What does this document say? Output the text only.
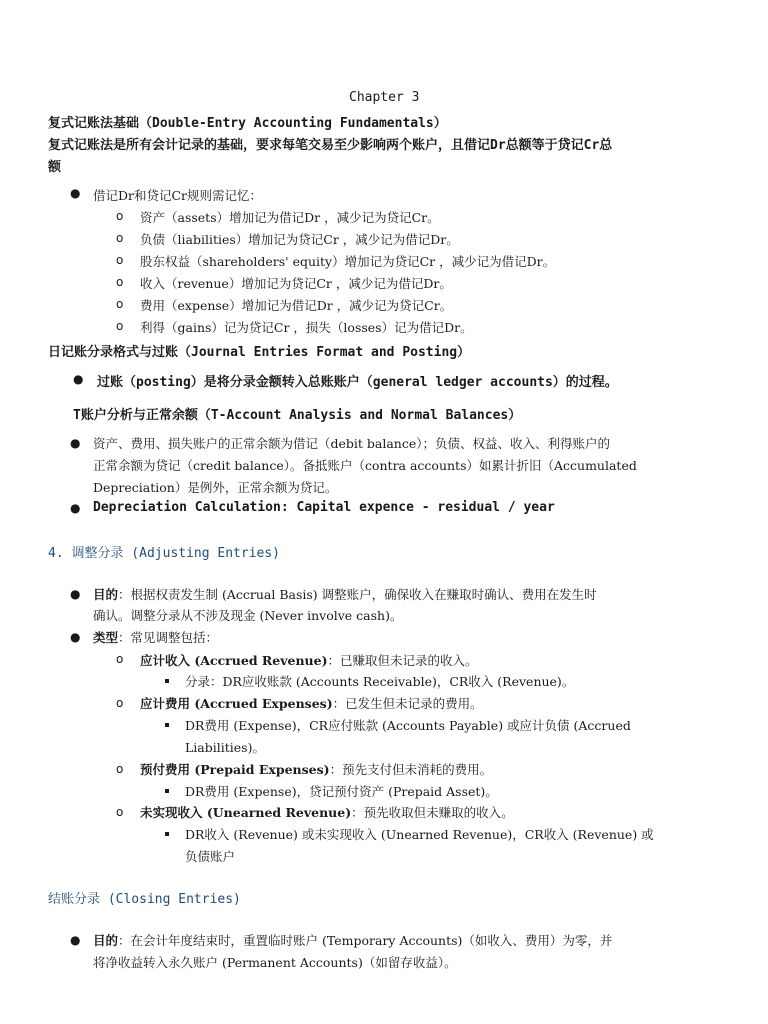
Chapter 3
复式记账法基础（Double-Entry Accounting Fundamentals）
复式记账法是所有会计记录的基础，要求每笔交易至少影响两个账户，且借记Dr总额等于贷记Cr总
额
● 借记Dr和贷记Cr规则需记忆：
o 资产（assets）增加记为借记Dr ，减少记为贷记Cr。
o 负债（liabilities）增加记为贷记Cr ，减少记为借记Dr。
o 股东权益（shareholders' equity）增加记为贷记Cr ，减少记为借记Dr。
o 收入（revenue）增加记为贷记Cr ，减少记为借记Dr。
o 费用（expense）增加记为借记Dr ，减少记为贷记Cr。
o 利得（gains）记为贷记Cr ，损失（losses）记为借记Dr。
日记账分录格式与过账（Journal Entries Format and Posting）
● 过账（posting）是将分录金额转入总账账户（general ledger accounts）的过程。
T账户分析与正常余额（T-Account Analysis and Normal Balances）
● 资产、费用、损失账户的正常余额为借记（debit balance）；负债、权益、收入、利得账户的
正常余额为贷记（credit balance）。备抵账户（contra accounts）如累计折旧（Accumulated
Depreciation）是例外，正常余额为贷记。
● Depreciation Calculation: Capital expence - residual / year
4. 调整分录 (Adjusting Entries)
● 目的：根据权责发生制 (Accrual Basis) 调整账户，确保收入在赚取时确认、费用在发生时
确认。调整分录从不涉及现金 (Never involve cash)。
● 类型：常见调整包括：
o 应计收入 (Accrued Revenue)：已赚取但未记录的收入。
分录：DR应收账款 (Accounts Receivable)，CR收入 (Revenue)。
o 应计费用 (Accrued Expenses)：已发生但未记录的费用。
DR费用 (Expense)，CR应付账款 (Accounts Payable) 或应计负债 (Accrued
Liabilities)。
o 预付费用 (Prepaid Expenses)：预先支付但未消耗的费用。
DR费用 (Expense)，贷记预付资产 (Prepaid Asset)。
o 未实现收入 (Unearned Revenue)：预先收取但未赚取的收入。
DR收入 (Revenue) 或未实现收入 (Unearned Revenue)，CR收入 (Revenue) 或
负债账户
结账分录 (Closing Entries)
● 目的：在会计年度结束时，重置临时账户 (Temporary Accounts)（如收入、费用）为零，并
将净收益转入永久账户 (Permanent Accounts)（如留存收益）。
